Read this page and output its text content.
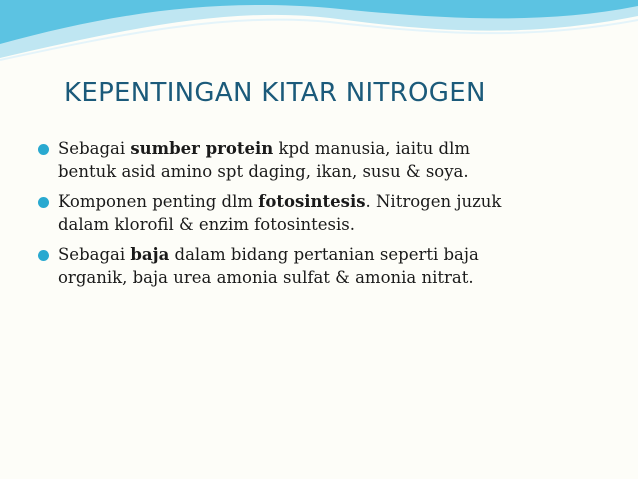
KEPENTINGAN KITAR NITROGEN
Sebagai sumber protein kpd manusia, iaitu dlm
bentuk asid amino spt daging, ikan, susu & soya.
Komponen penting dlm fotosintesis. Nitrogen juzuk
dalam klorofil & enzim fotosintesis.
Sebagai baja dalam bidang pertanian seperti baja
organik, baja urea amonia sulfat & amonia nitrat.
